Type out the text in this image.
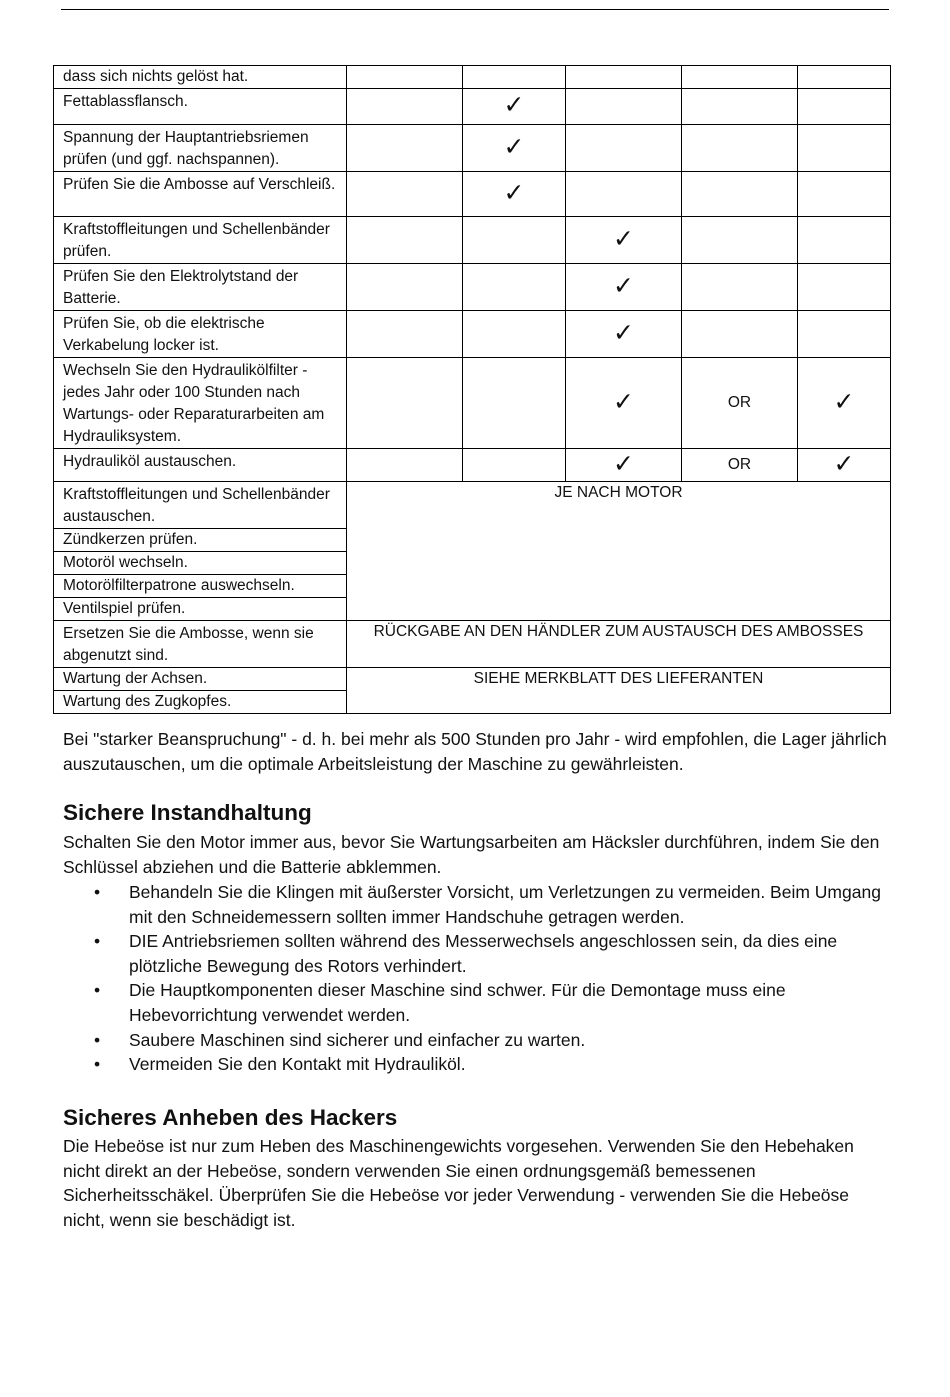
dass sich nichts gelöst hat.					
Fettablassflansch.		✓			
Spannung der Hauptantriebsriemen prüfen (und ggf. nachspannen).		✓			
Prüfen Sie die Ambosse auf Verschleiß.		✓			
Kraftstoffleitungen und Schellenbänder prüfen.			✓		
Prüfen Sie den Elektrolytstand der Batterie.			✓		
Prüfen Sie, ob die elektrische Verkabelung locker ist.			✓		
Wechseln Sie den Hydraulikölfilter - jedes Jahr oder 100 Stunden nach Wartungs- oder Reparaturarbeiten am Hydrauliksystem.			✓	OR	✓
Hydrauliköl austauschen.			✓	OR	✓
Kraftstoffleitungen und Schellenbänder austauschen.	JE NACH MOTOR				
Zündkerzen prüfen.					
Motoröl wechseln.					
Motorölfilterpatrone auswechseln.					
Ventilspiel prüfen.					
Ersetzen Sie die Ambosse, wenn sie abgenutzt sind.	RÜCKGABE AN DEN HÄNDLER ZUM AUSTAUSCH DES AMBOSSES				
Wartung der Achsen.	SIEHE MERKBLATT DES LIEFERANTEN				
Wartung des Zugkopfes.					
Bei "starker Beanspruchung" - d. h. bei mehr als 500 Stunden pro Jahr - wird empfohlen, die Lager jährlich auszutauschen, um die optimale Arbeitsleistung der Maschine zu gewährleisten.
Sichere Instandhaltung
Schalten Sie den Motor immer aus, bevor Sie Wartungsarbeiten am Häcksler durchführen, indem Sie den Schlüssel abziehen und die Batterie abklemmen.
• Behandeln Sie die Klingen mit äußerster Vorsicht, um Verletzungen zu vermeiden. Beim Umgang mit den Schneidemessern sollten immer Handschuhe getragen werden.
• DIE Antriebsriemen sollten während des Messerwechsels angeschlossen sein, da dies eine plötzliche Bewegung des Rotors verhindert.
• Die Hauptkomponenten dieser Maschine sind schwer. Für die Demontage muss eine Hebevorrichtung verwendet werden.
• Saubere Maschinen sind sicherer und einfacher zu warten.
• Vermeiden Sie den Kontakt mit Hydrauliköl.
Sicheres Anheben des Hackers
Die Hebeöse ist nur zum Heben des Maschinengewichts vorgesehen. Verwenden Sie den Hebehaken nicht direkt an der Hebeöse, sondern verwenden Sie einen ordnungsgemäß bemessenen Sicherheitsschäkel. Überprüfen Sie die Hebeöse vor jeder Verwendung - verwenden Sie die Hebeöse nicht, wenn sie beschädigt ist.
